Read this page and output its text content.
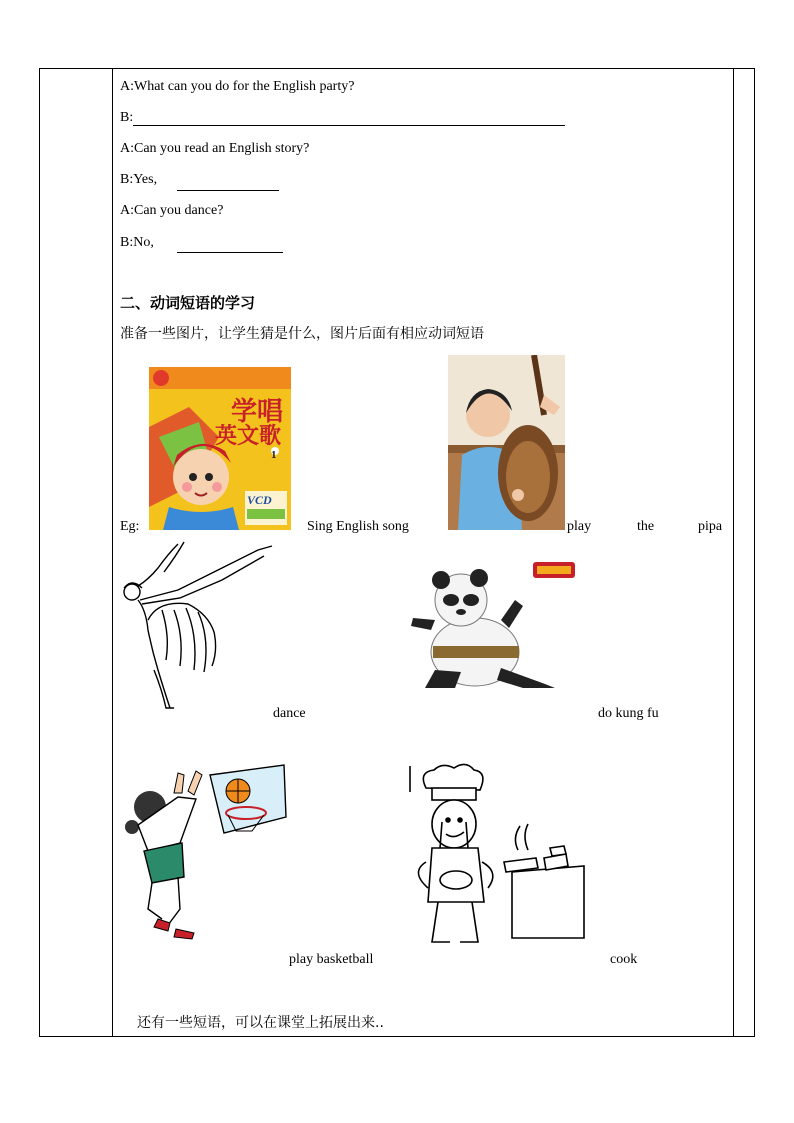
A:What can you do for the English party?
B:
A:Can you read an English story?
B:Yes,
A:Can you dance?
B:No,
二、动词短语的学习
准备一些图片，让学生猜是什么，图片后面有相应动词短语
学唱
英文歌
1
VCD
Eg:	Sing English song	play	the	pipa
dance	do kung fu
play basketball	cook
还有一些短语，可以在课堂上拓展出来..
